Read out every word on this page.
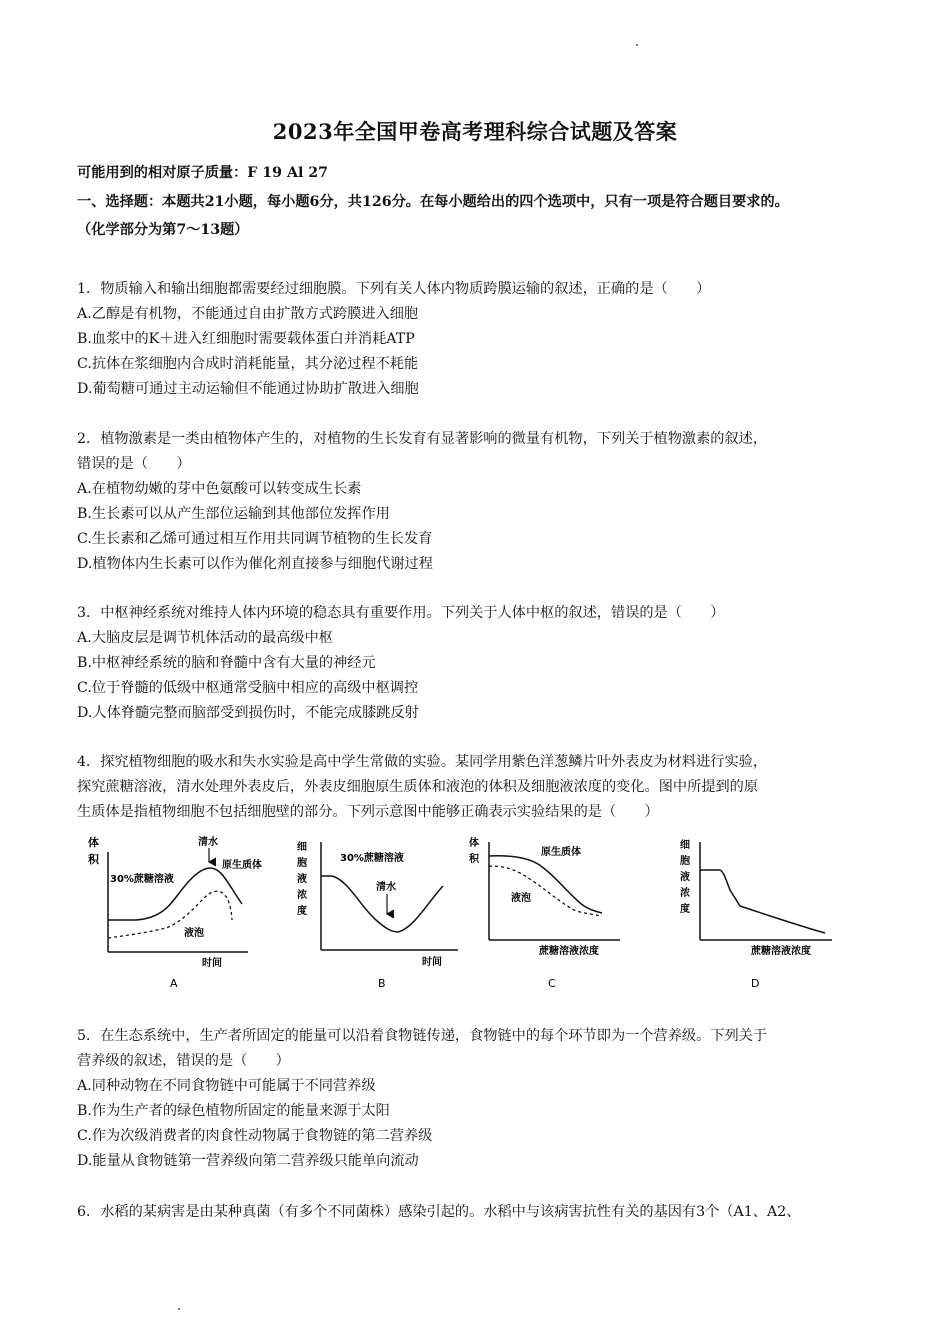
2023年全国甲卷高考理科综合试题及答案
可能用到的相对原子质量：F 19 Al 27
一、选择题：本题共21小题，每小题6分，共126分。在每小题给出的四个选项中，只有一项是符合题目要求的。
（化学部分为第7～13题）
1．物质输入和输出细胞都需要经过细胞膜。下列有关人体内物质跨膜运输的叙述，正确的是（　　）
A.乙醇是有机物，不能通过自由扩散方式跨膜进入细胞
B.血浆中的K＋进入红细胞时需要载体蛋白并消耗ATP
C.抗体在浆细胞内合成时消耗能量，其分泌过程不耗能
D.葡萄糖可通过主动运输但不能通过协助扩散进入细胞
2．植物激素是一类由植物体产生的，对植物的生长发育有显著影响的微量有机物，下列关于植物激素的叙述，
错误的是（　　）
A.在植物幼嫩的芽中色氨酸可以转变成生长素
B.生长素可以从产生部位运输到其他部位发挥作用
C.生长素和乙烯可通过相互作用共同调节植物的生长发育
D.植物体内生长素可以作为催化剂直接参与细胞代谢过程
3．中枢神经系统对维持人体内环境的稳态具有重要作用。下列关于人体中枢的叙述，错误的是（　　）
A.大脑皮层是调节机体活动的最高级中枢
B.中枢神经系统的脑和脊髓中含有大量的神经元
C.位于脊髓的低级中枢通常受脑中相应的高级中枢调控
D.人体脊髓完整而脑部受到损伤时，不能完成膝跳反射
4．探究植物细胞的吸水和失水实验是高中学生常做的实验。某同学用紫色洋葱鳞片叶外表皮为材料进行实验，
探究蔗糖溶液，清水处理外表皮后，外表皮细胞原生质体和液泡的体积及细胞液浓度的变化。图中所提到的原
生质体是指植物细胞不包括细胞壁的部分。下列示意图中能够正确表示实验结果的是（　　）
体
积
清水
30%蔗糖溶液
原生质体
液泡
时间
A
细
胞
液
浓
度
30%蔗糖溶液
清水
时间
B
体
积
原生质体
液泡
蔗糖溶液浓度
C
细
胞
液
浓
度
蔗糖溶液浓度
D
5．在生态系统中，生产者所固定的能量可以沿着食物链传递，食物链中的每个环节即为一个营养级。下列关于
营养级的叙述，错误的是（　　）
A.同种动物在不同食物链中可能属于不同营养级
B.作为生产者的绿色植物所固定的能量来源于太阳
C.作为次级消费者的肉食性动物属于食物链的第二营养级
D.能量从食物链第一营养级向第二营养级只能单向流动
6．水稻的某病害是由某种真菌（有多个不同菌株）感染引起的。水稻中与该病害抗性有关的基因有3个（A1、A2、
